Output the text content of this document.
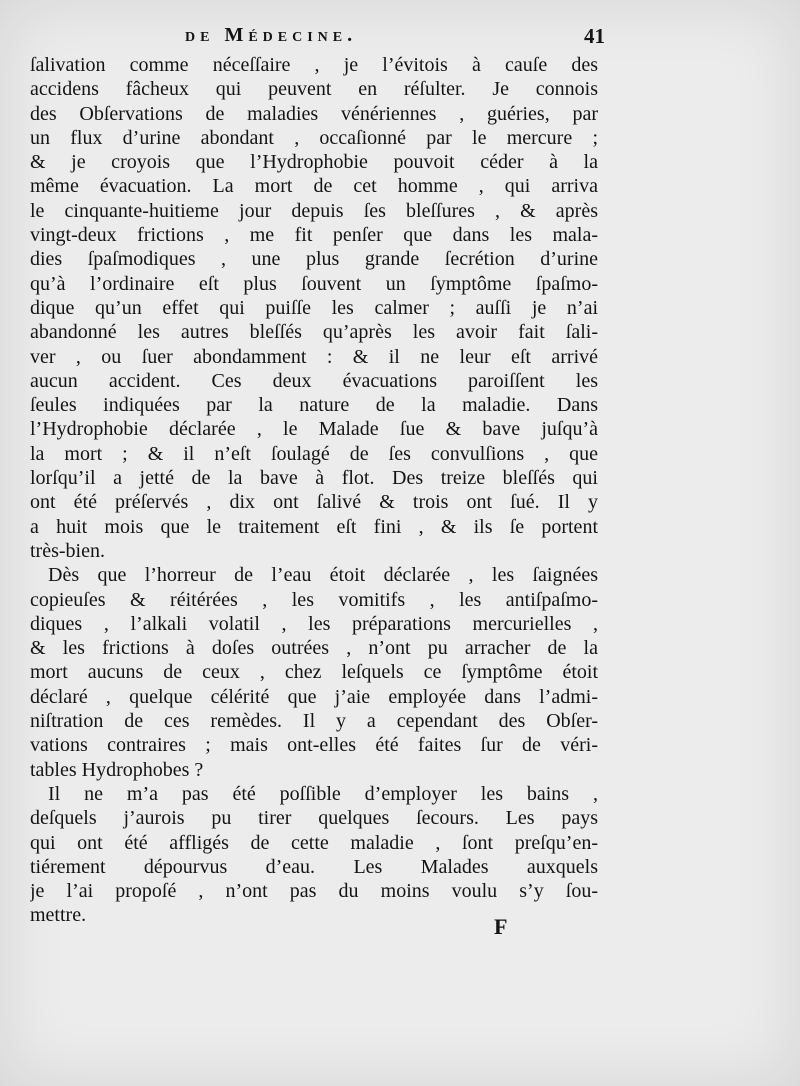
de Médecine.	41
ſalivation comme néceſſaire , je l’évitois à cauſe des
accidens fâcheux qui peuvent en réſulter. Je connois
des Obſervations de maladies vénériennes , guéries, par
un flux d’urine abondant , occaſionné par le mercure ;
& je croyois que l’Hydrophobie pouvoit céder à la
même évacuation. La mort de cet homme , qui arriva
le cinquante-huitieme jour depuis ſes bleſſures , & après
vingt-deux frictions , me fit penſer que dans les mala-
dies ſpaſmodiques , une plus grande ſecrétion d’urine
qu’à l’ordinaire eſt plus ſouvent un ſymptôme ſpaſmo-
dique qu’un effet qui puiſſe les calmer ; auſſi je n’ai
abandonné les autres bleſſés qu’après les avoir fait ſali-
ver , ou ſuer abondamment : & il ne leur eſt arrivé
aucun accident. Ces deux évacuations paroiſſent les
ſeules indiquées par la nature de la maladie. Dans
l’Hydrophobie déclarée , le Malade ſue & bave juſqu’à
la mort ; & il n’eſt ſoulagé de ſes convulſions , que
lorſqu’il a jetté de la bave à flot. Des treize bleſſés qui
ont été préſervés , dix ont ſalivé & trois ont ſué. Il y
a huit mois que le traitement eſt fini , & ils ſe portent
très-bien.
Dès que l’horreur de l’eau étoit déclarée , les ſaignées
copieuſes & réitérées , les vomitifs , les antiſpaſmo-
diques , l’alkali volatil , les préparations mercurielles ,
& les frictions à doſes outrées , n’ont pu arracher de la
mort aucuns de ceux , chez leſquels ce ſymptôme étoit
déclaré , quelque célérité que j’aie employée dans l’admi-
niſtration de ces remèdes. Il y a cependant des Obſer-
vations contraires ; mais ont-elles été faites ſur de véri-
tables Hydrophobes ?
Il ne m’a pas été poſſible d’employer les bains ,
deſquels j’aurois pu tirer quelques ſecours. Les pays
qui ont été affligés de cette maladie , ſont preſqu’en-
tiérement dépourvus d’eau. Les Malades auxquels
je l’ai propoſé , n’ont pas du moins voulu s’y ſou-
mettre.	F
